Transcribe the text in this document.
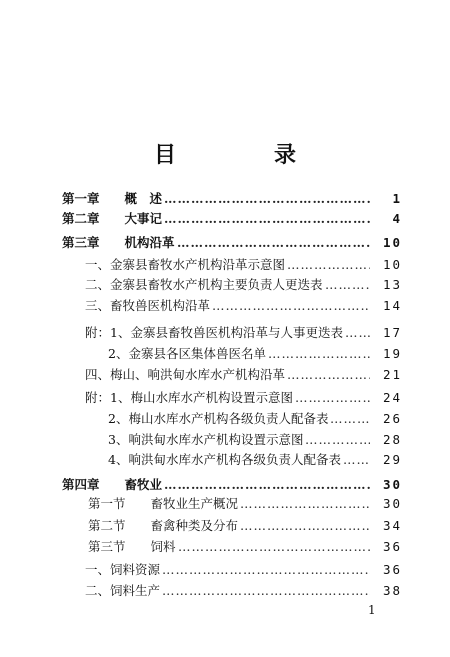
目　录
第一章　　概　述 …………………………………………………………………………………………………………………………………………	1
第二章　　大事记 …………………………………………………………………………………………………………………………………………	4
第三章　　机构沿革 …………………………………………………………………………………………………………………………………………	10
一、金寨县畜牧水产机构沿革示意图 …………………………………………………………………………………………………………………………………………	10
二、金寨县畜牧水产机构主要负责人更迭表 …………………………………………………………………………………………………………………………………………	13
三、畜牧兽医机构沿革 …………………………………………………………………………………………………………………………………………	14
附：1、金寨县畜牧兽医机构沿革与人事更迭表 …………………………………………………………………………………………………………………………………………	17
2、金寨县各区集体兽医名单 …………………………………………………………………………………………………………………………………………	19
四、梅山、响洪甸水库水产机构沿革 …………………………………………………………………………………………………………………………………………	21
附：1、梅山水库水产机构设置示意图 …………………………………………………………………………………………………………………………………………	24
2、梅山水库水产机构各级负责人配备表 …………………………………………………………………………………………………………………………………………	26
3、响洪甸水库水产机构设置示意图 …………………………………………………………………………………………………………………………………………	28
4、响洪甸水库水产机构各级负责人配备表 …………………………………………………………………………………………………………………………………………	29
第四章　　畜牧业 …………………………………………………………………………………………………………………………………………	30
第一节　　畜牧业生产概况 …………………………………………………………………………………………………………………………………………	30
第二节　　畜禽种类及分布 …………………………………………………………………………………………………………………………………………	34
第三节　　饲料 …………………………………………………………………………………………………………………………………………	36
一、饲料资源 …………………………………………………………………………………………………………………………………………	36
二、饲料生产 …………………………………………………………………………………………………………………………………………	38
1
